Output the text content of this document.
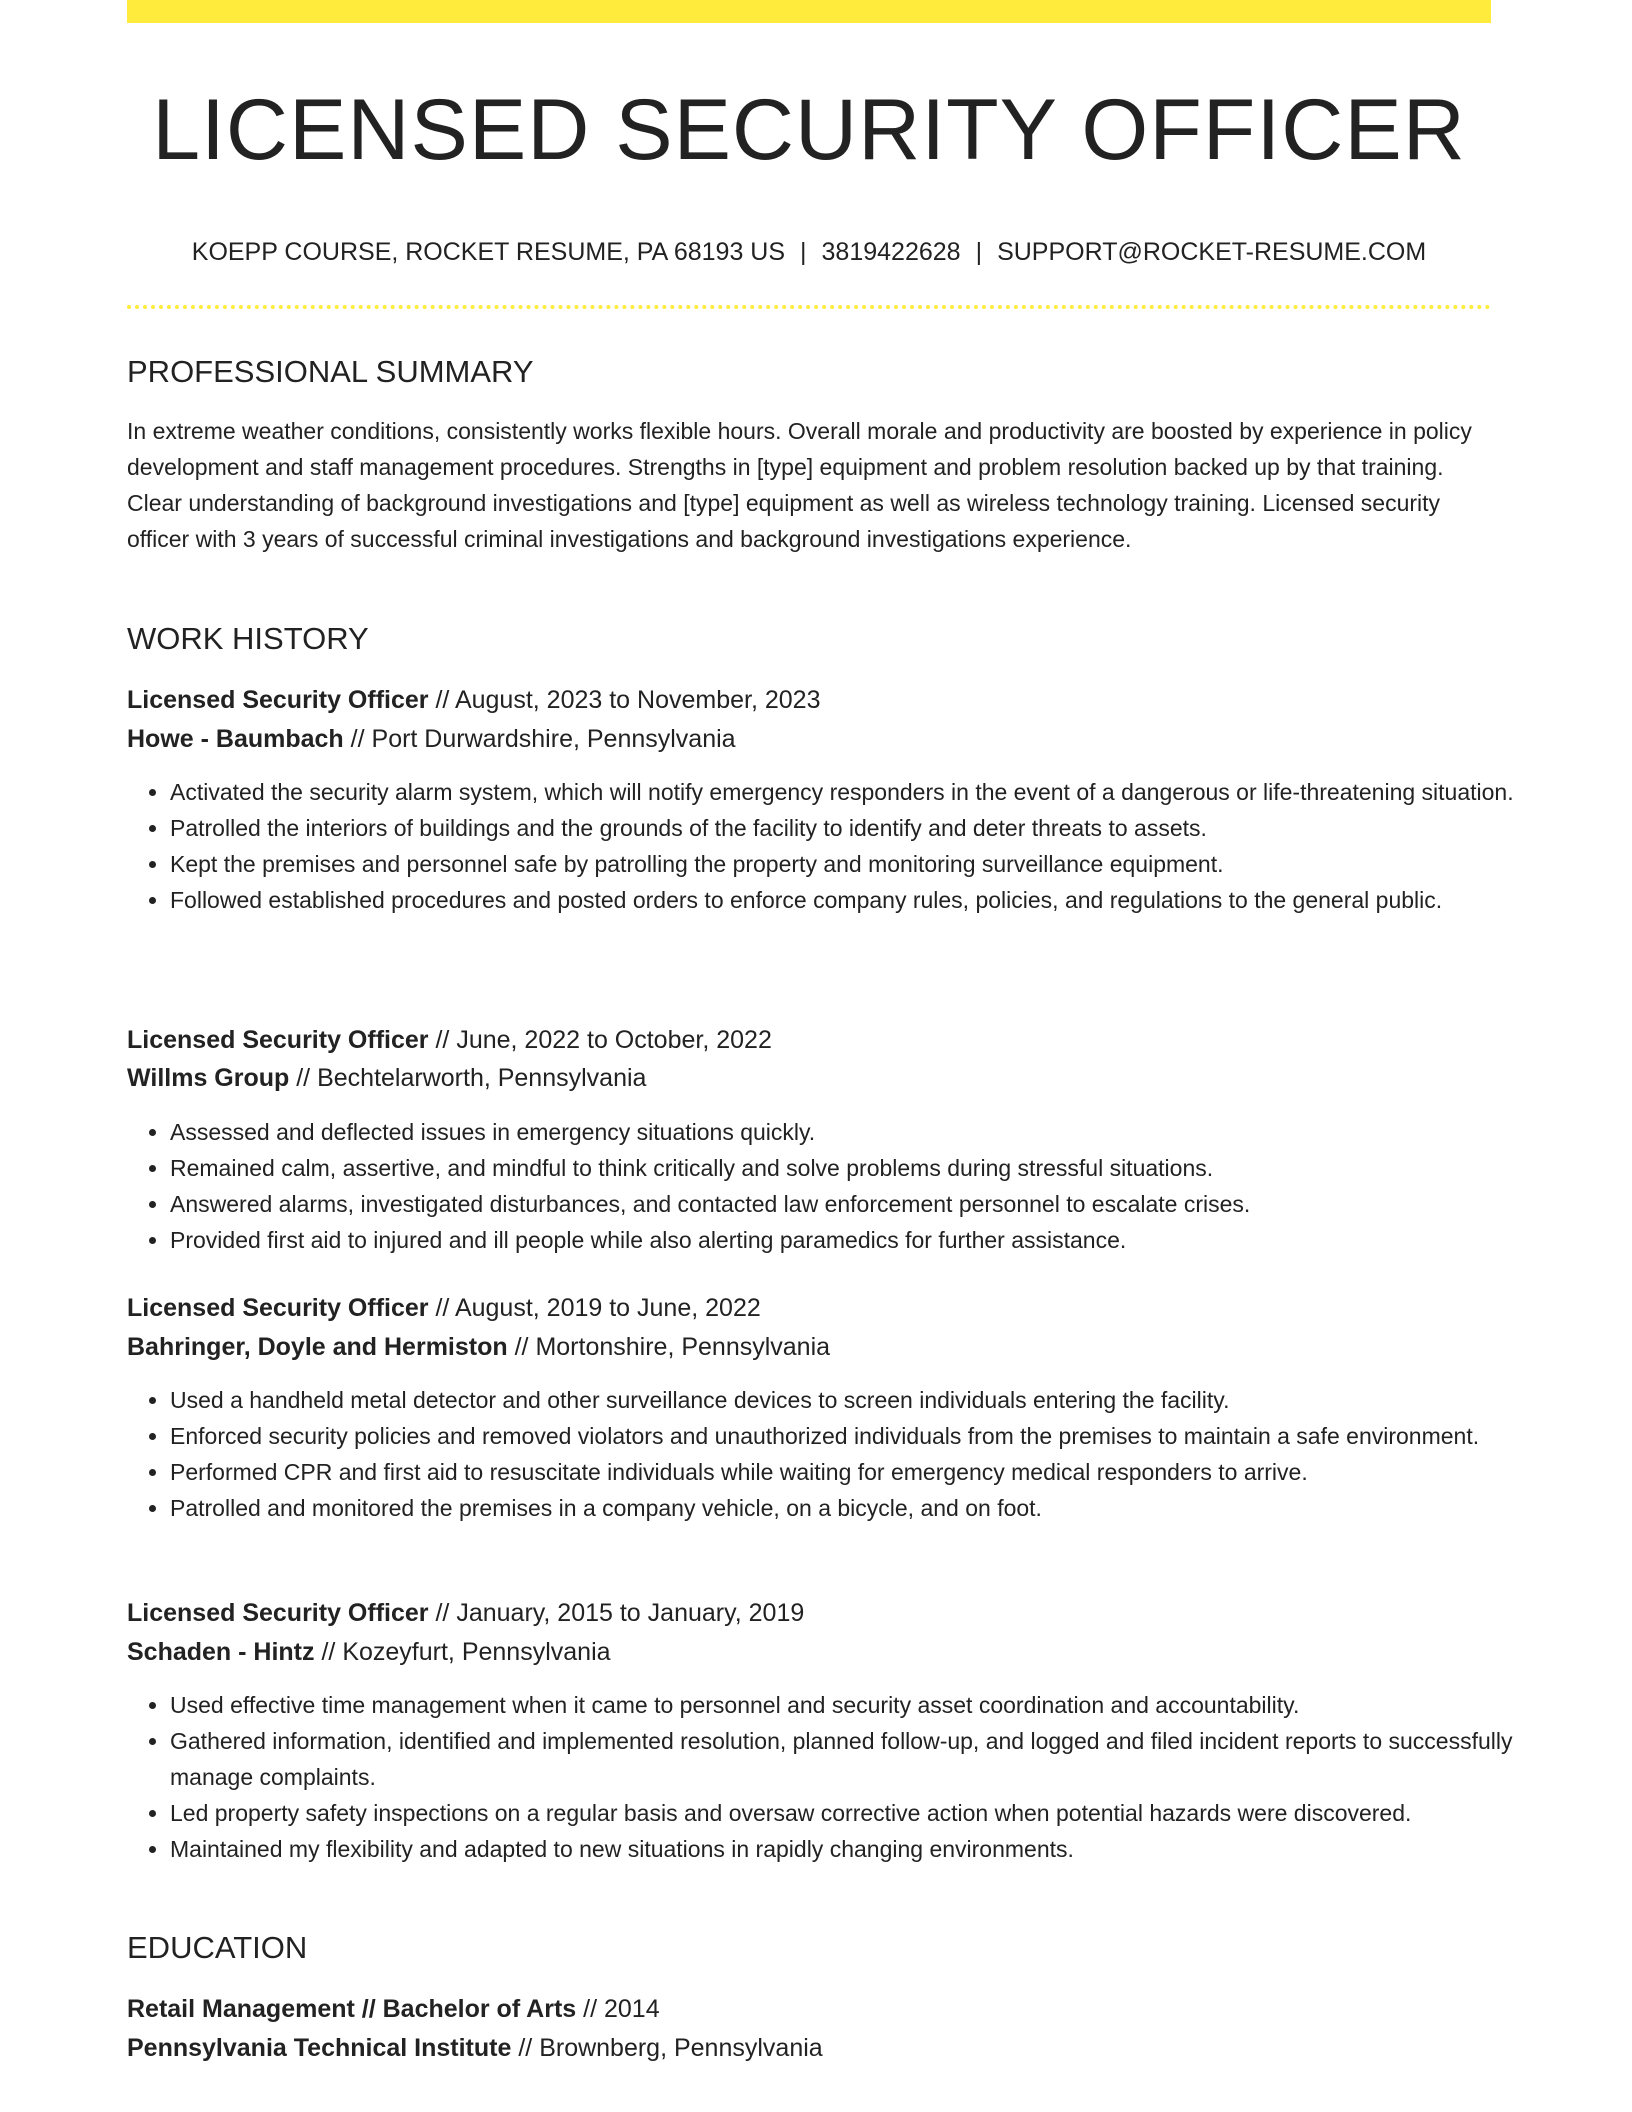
LICENSED SECURITY OFFICER
KOEPP COURSE, ROCKET RESUME, PA 68193 US | 3819422628 | SUPPORT@ROCKET-RESUME.COM
PROFESSIONAL SUMMARY

In extreme weather conditions, consistently works flexible hours. Overall morale and productivity are boosted by experience in policy development and staff management procedures. Strengths in [type] equipment and problem resolution backed up by that training. Clear understanding of background investigations and [type] equipment as well as wireless technology training. Licensed security officer with 3 years of successful criminal investigations and background investigations experience.

WORK HISTORY
Licensed Security Officer // August, 2023 to November, 2023
Howe - Baumbach // Port Durwardshire, Pennsylvania
• Activated the security alarm system, which will notify emergency responders in the event of a dangerous or life-threatening situation.
• Patrolled the interiors of buildings and the grounds of the facility to identify and deter threats to assets.
• Kept the premises and personnel safe by patrolling the property and monitoring surveillance equipment.
• Followed established procedures and posted orders to enforce company rules, policies, and regulations to the general public.
Licensed Security Officer // June, 2022 to October, 2022
Willms Group // Bechtelarworth, Pennsylvania
• Assessed and deflected issues in emergency situations quickly.
• Remained calm, assertive, and mindful to think critically and solve problems during stressful situations.
• Answered alarms, investigated disturbances, and contacted law enforcement personnel to escalate crises.
• Provided first aid to injured and ill people while also alerting paramedics for further assistance.
Licensed Security Officer // August, 2019 to June, 2022
Bahringer, Doyle and Hermiston // Mortonshire, Pennsylvania
• Used a handheld metal detector and other surveillance devices to screen individuals entering the facility.
• Enforced security policies and removed violators and unauthorized individuals from the premises to maintain a safe environment.
• Performed CPR and first aid to resuscitate individuals while waiting for emergency medical responders to arrive.
• Patrolled and monitored the premises in a company vehicle, on a bicycle, and on foot.
Licensed Security Officer // January, 2015 to January, 2019
Schaden - Hintz // Kozeyfurt, Pennsylvania
• Used effective time management when it came to personnel and security asset coordination and accountability.
• Gathered information, identified and implemented resolution, planned follow-up, and logged and filed incident reports to successfully manage complaints.
• Led property safety inspections on a regular basis and oversaw corrective action when potential hazards were discovered.
• Maintained my flexibility and adapted to new situations in rapidly changing environments.
EDUCATION
Retail Management // Bachelor of Arts // 2014
Pennsylvania Technical Institute // Brownberg, Pennsylvania
